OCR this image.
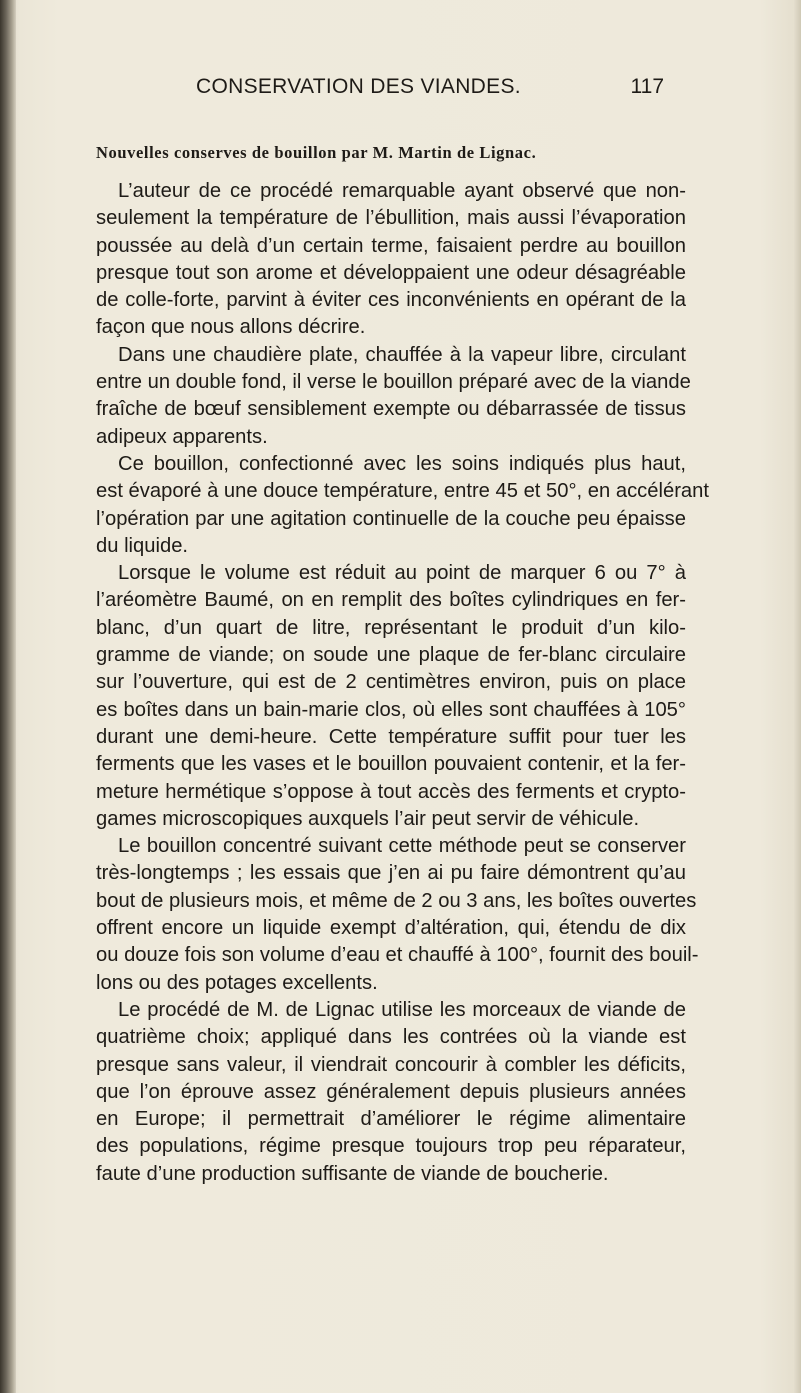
CONSERVATION DES VIANDES.	117
Nouvelles conserves de bouillon par M. Martin de Lignac.
L’auteur de ce procédé remarquable ayant observé que non-
seulement la température de l’ébullition, mais aussi l’évaporation
poussée au delà d’un certain terme, faisaient perdre au bouillon
presque tout son arome et développaient une odeur désagréable
de colle-forte, parvint à éviter ces inconvénients en opérant de la
façon que nous allons décrire.
Dans une chaudière plate, chauffée à la vapeur libre, circulant
entre un double fond, il verse le bouillon préparé avec de la viande
fraîche de bœuf sensiblement exempte ou débarrassée de tissus
adipeux apparents.
Ce bouillon, confectionné avec les soins indiqués plus haut,
est évaporé à une douce température, entre 45 et 50°, en accélérant
l’opération par une agitation continuelle de la couche peu épaisse
du liquide.
Lorsque le volume est réduit au point de marquer 6 ou 7° à
l’aréomètre Baumé, on en remplit des boîtes cylindriques en fer-
blanc, d’un quart de litre, représentant le produit d’un kilo-
gramme de viande; on soude une plaque de fer-blanc circulaire
sur l’ouverture, qui est de 2 centimètres environ, puis on place
es boîtes dans un bain-marie clos, où elles sont chauffées à 105°
durant une demi-heure. Cette température suffit pour tuer les
ferments que les vases et le bouillon pouvaient contenir, et la fer-
meture hermétique s’oppose à tout accès des ferments et crypto-
games microscopiques auxquels l’air peut servir de véhicule.
Le bouillon concentré suivant cette méthode peut se conserver
très-longtemps ; les essais que j’en ai pu faire démontrent qu’au
bout de plusieurs mois, et même de 2 ou 3 ans, les boîtes ouvertes
offrent encore un liquide exempt d’altération, qui, étendu de dix
ou douze fois son volume d’eau et chauffé à 100°, fournit des bouil-
lons ou des potages excellents.
Le procédé de M. de Lignac utilise les morceaux de viande de
quatrième choix; appliqué dans les contrées où la viande est
presque sans valeur, il viendrait concourir à combler les déficits,
que l’on éprouve assez généralement depuis plusieurs années
en Europe; il permettrait d’améliorer le régime alimentaire
des populations, régime presque toujours trop peu réparateur,
faute d’une production suffisante de viande de boucherie.
